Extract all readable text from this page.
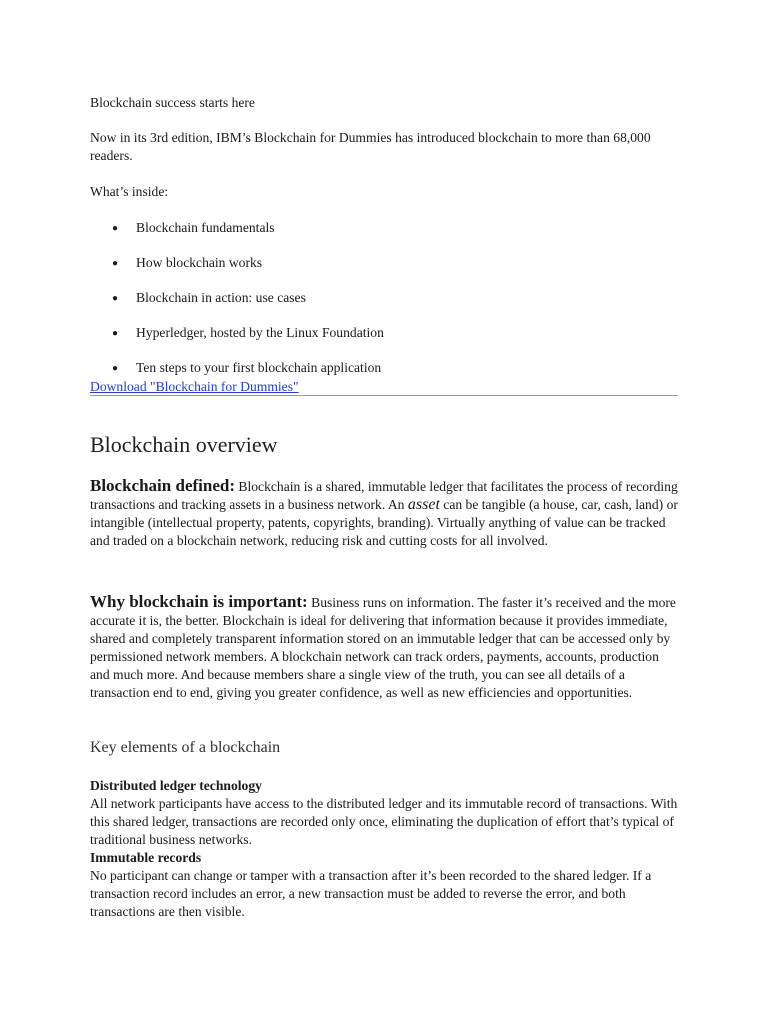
Blockchain success starts here

Now in its 3rd edition, IBM’s Blockchain for Dummies has introduced blockchain to more than 68,000 readers.

What’s inside:

● Blockchain fundamentals
● How blockchain works
● Blockchain in action: use cases
● Hyperledger, hosted by the Linux Foundation
● Ten steps to your first blockchain application
Download "Blockchain for Dummies"
Blockchain overview

Blockchain defined: Blockchain is a shared, immutable ledger that facilitates the process of recording transactions and tracking assets in a business network. An asset can be tangible (a house, car, cash, land) or intangible (intellectual property, patents, copyrights, branding). Virtually anything of value can be tracked and traded on a blockchain network, reducing risk and cutting costs for all involved.

Why blockchain is important: Business runs on information. The faster it’s received and the more accurate it is, the better. Blockchain is ideal for delivering that information because it provides immediate, shared and completely transparent information stored on an immutable ledger that can be accessed only by permissioned network members. A blockchain network can track orders, payments, accounts, production and much more. And because members share a single view of the truth, you can see all details of a transaction end to end, giving you greater confidence, as well as new efficiencies and opportunities.

Key elements of a blockchain

Distributed ledger technology

All network participants have access to the distributed ledger and its immutable record of transactions. With this shared ledger, transactions are recorded only once, eliminating the duplication of effort that’s typical of traditional business networks.

Immutable records

No participant can change or tamper with a transaction after it’s been recorded to the shared ledger. If a transaction record includes an error, a new transaction must be added to reverse the error, and both transactions are then visible.
